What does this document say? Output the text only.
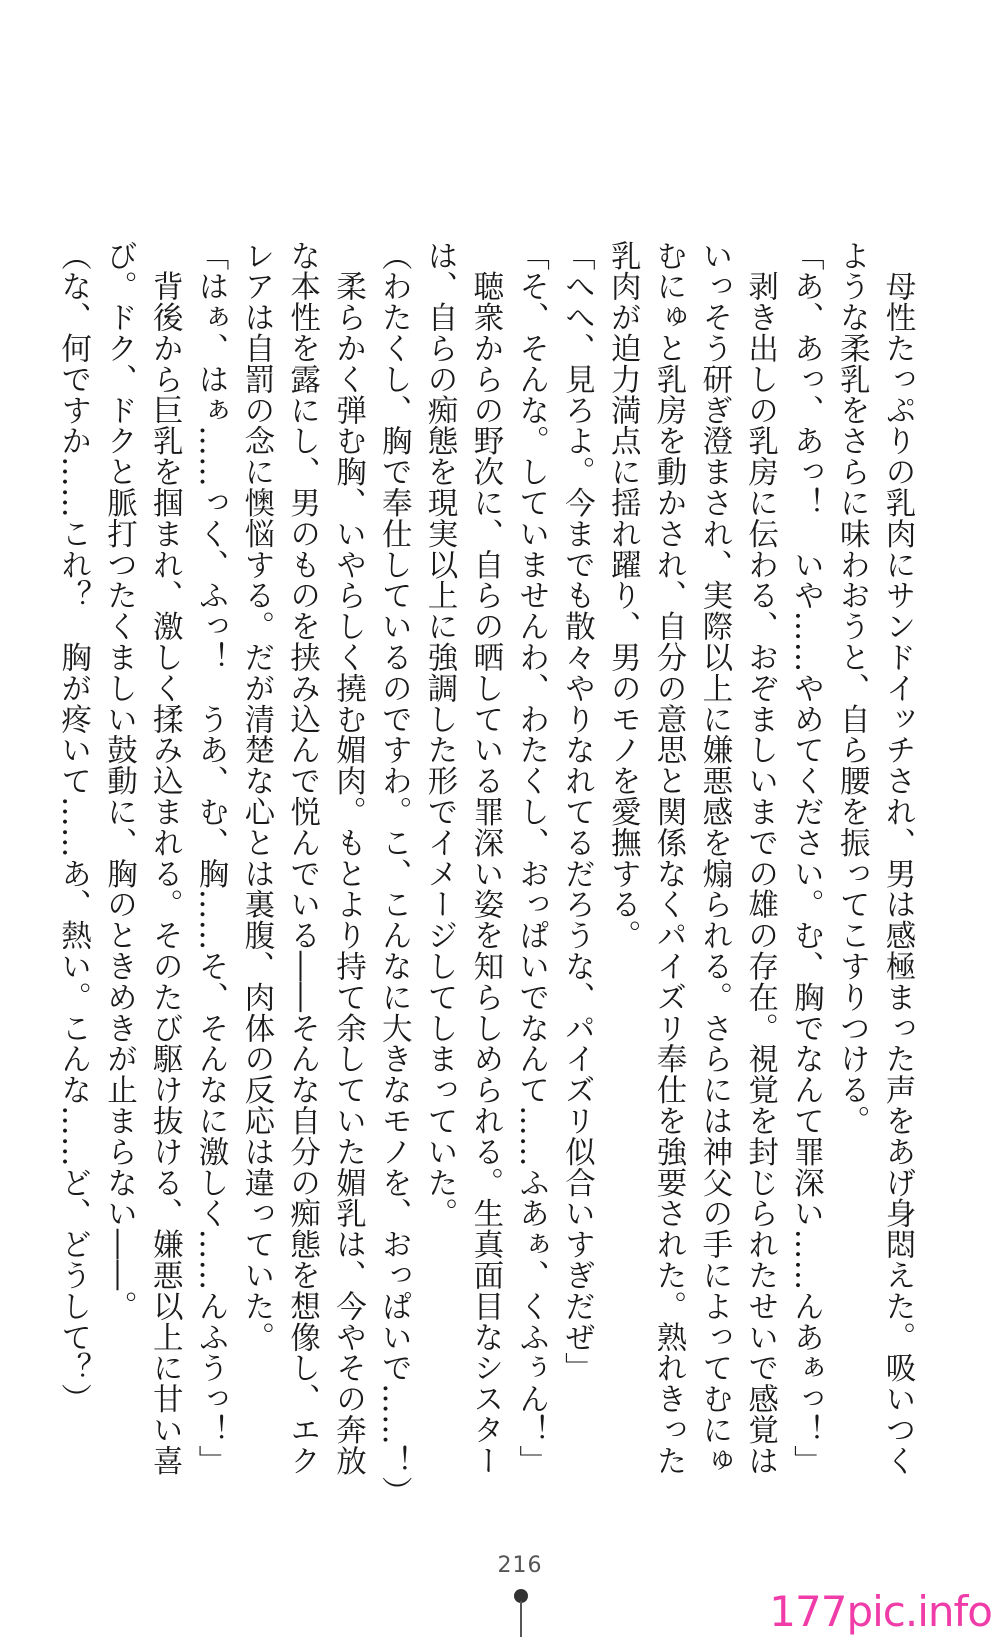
　母性たっぷりの乳肉にサンドイッチされ、男は感極まった声をあげ身悶えた。吸いつく
ような柔乳をさらに味わおうと、自ら腰を振ってこすりつける。
「あ、あっ、あっ！　いや……やめてください。む、胸でなんて罪深い……んあぁっ！」
　剥き出しの乳房に伝わる、おぞましいまでの雄の存在。視覚を封じられたせいで感覚は
いっそう研ぎ澄まされ、実際以上に嫌悪感を煽られる。さらには神父の手によってむにゅ
むにゅと乳房を動かされ、自分の意思と関係なくパイズリ奉仕を強要された。熟れきった
乳肉が迫力満点に揺れ躍り、男のモノを愛撫する。
「へへ、見ろよ。今までも散々やりなれてるだろうな、パイズリ似合いすぎだぜ」
「そ、そんな。していませんわ、わたくし、おっぱいでなんて……ふあぁ、くふぅん！」
　聴衆からの野次に、自らの晒している罪深い姿を知らしめられる。生真面目なシスター
は、自らの痴態を現実以上に強調した形でイメージしてしまっていた。
（わたくし、胸で奉仕しているのですわ。こ、こんなに大きなモノを、おっぱいで……！）
　柔らかく弾む胸、いやらしく撓む媚肉。もとより持て余していた媚乳は、今やその奔放
な本性を露にし、男のものを挟み込んで悦んでいる――そんな自分の痴態を想像し、エク
レアは自罰の念に懊悩する。だが清楚な心とは裏腹、肉体の反応は違っていた。
「はぁ、はぁ……っく、ふっ！　うあ、む、胸……そ、そんなに激しく……んふうっ！」
　背後から巨乳を掴まれ、激しく揉み込まれる。そのたび駆け抜ける、嫌悪以上に甘い喜
び。ドク、ドクと脈打つたくましい鼓動に、胸のときめきが止まらない――。
（な、何ですか……これ？　胸が疼いて……あ、熱い。こんな……ど、どうして？）
216
177pic.info
